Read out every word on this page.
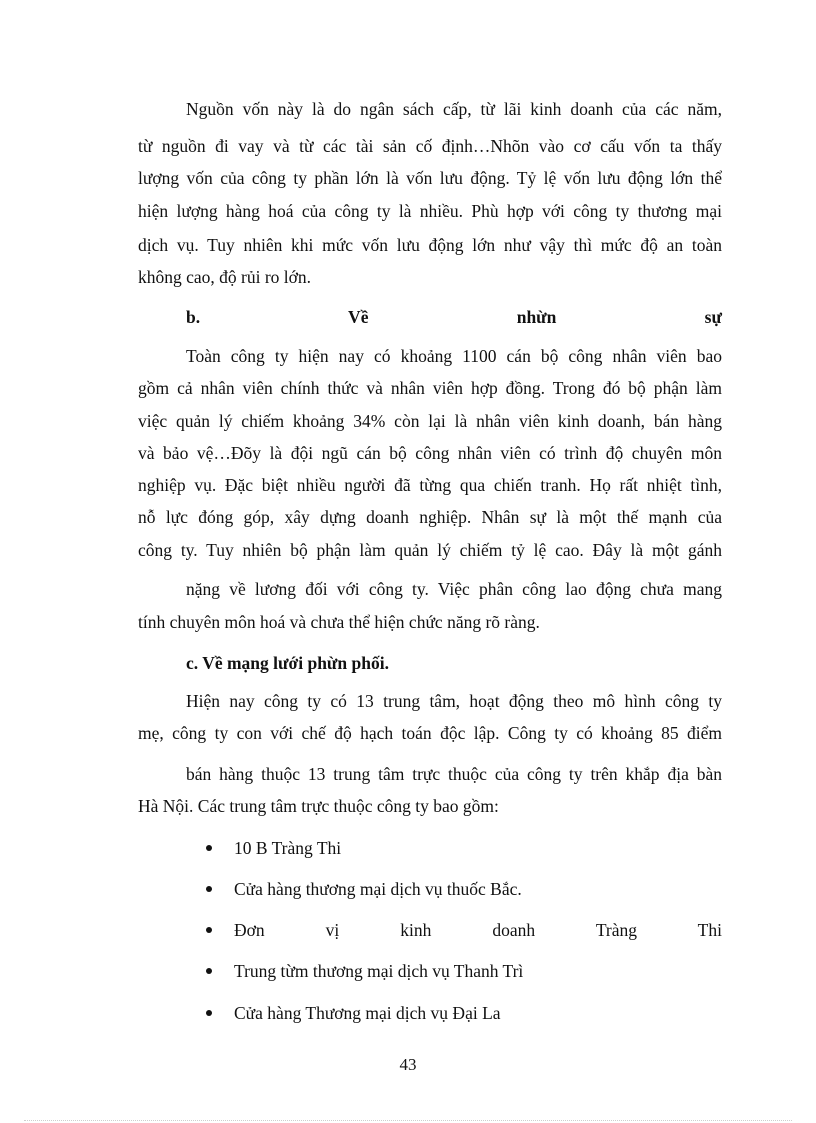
Nguồn vốn này là do ngân sách cấp, từ lãi kinh doanh của các năm,
từ nguồn đi vay và từ các tài sản cố định…Nhõn vào cơ cấu vốn ta thấy
lượng vốn của công ty phần lớn là vốn lưu động. Tỷ lệ vốn lưu động lớn thể
hiện lượng hàng hoá của công ty là nhiều. Phù hợp với công ty thương mại
dịch vụ. Tuy nhiên khi mức vốn lưu động lớn như vậy thì mức độ an toàn
không cao, độ rủi ro lớn.
b. Về nhừn sự
Toàn công ty hiện nay có khoảng 1100 cán bộ công nhân viên bao
gồm cả nhân viên chính thức và nhân viên hợp đồng. Trong đó bộ phận làm
việc quản lý chiếm khoảng 34% còn lại là nhân viên kinh doanh, bán hàng
và bảo vệ…Đõy là đội ngũ cán bộ công nhân viên có trình độ chuyên môn
nghiệp vụ. Đặc biệt nhiều người đã từng qua chiến tranh. Họ rất nhiệt tình,
nỗ lực đóng góp, xây dựng doanh nghiệp. Nhân sự là một thế mạnh của
công ty. Tuy nhiên bộ phận làm quản lý chiếm tỷ lệ cao. Đây là một gánh
nặng về lương đối với công ty. Việc phân công lao động chưa mang
tính chuyên môn hoá và chưa thể hiện chức năng rõ ràng.
c. Về mạng lưới phừn phối.
Hiện nay công ty có 13 trung tâm, hoạt động theo mô hình công ty
mẹ, công ty con với chế độ hạch toán độc lập. Công ty có khoảng 85 điểm
bán hàng thuộc 13 trung tâm trực thuộc của công ty trên khắp địa bàn
Hà Nội. Các trung tâm trực thuộc công ty bao gồm:
10 B Tràng Thi
Cửa hàng thương mại dịch vụ thuốc Bắc.
Đơn vị kinh doanh Tràng Thi
Trung từm thương mại dịch vụ Thanh Trì
Cửa hàng Thương mại dịch vụ Đại La
43
